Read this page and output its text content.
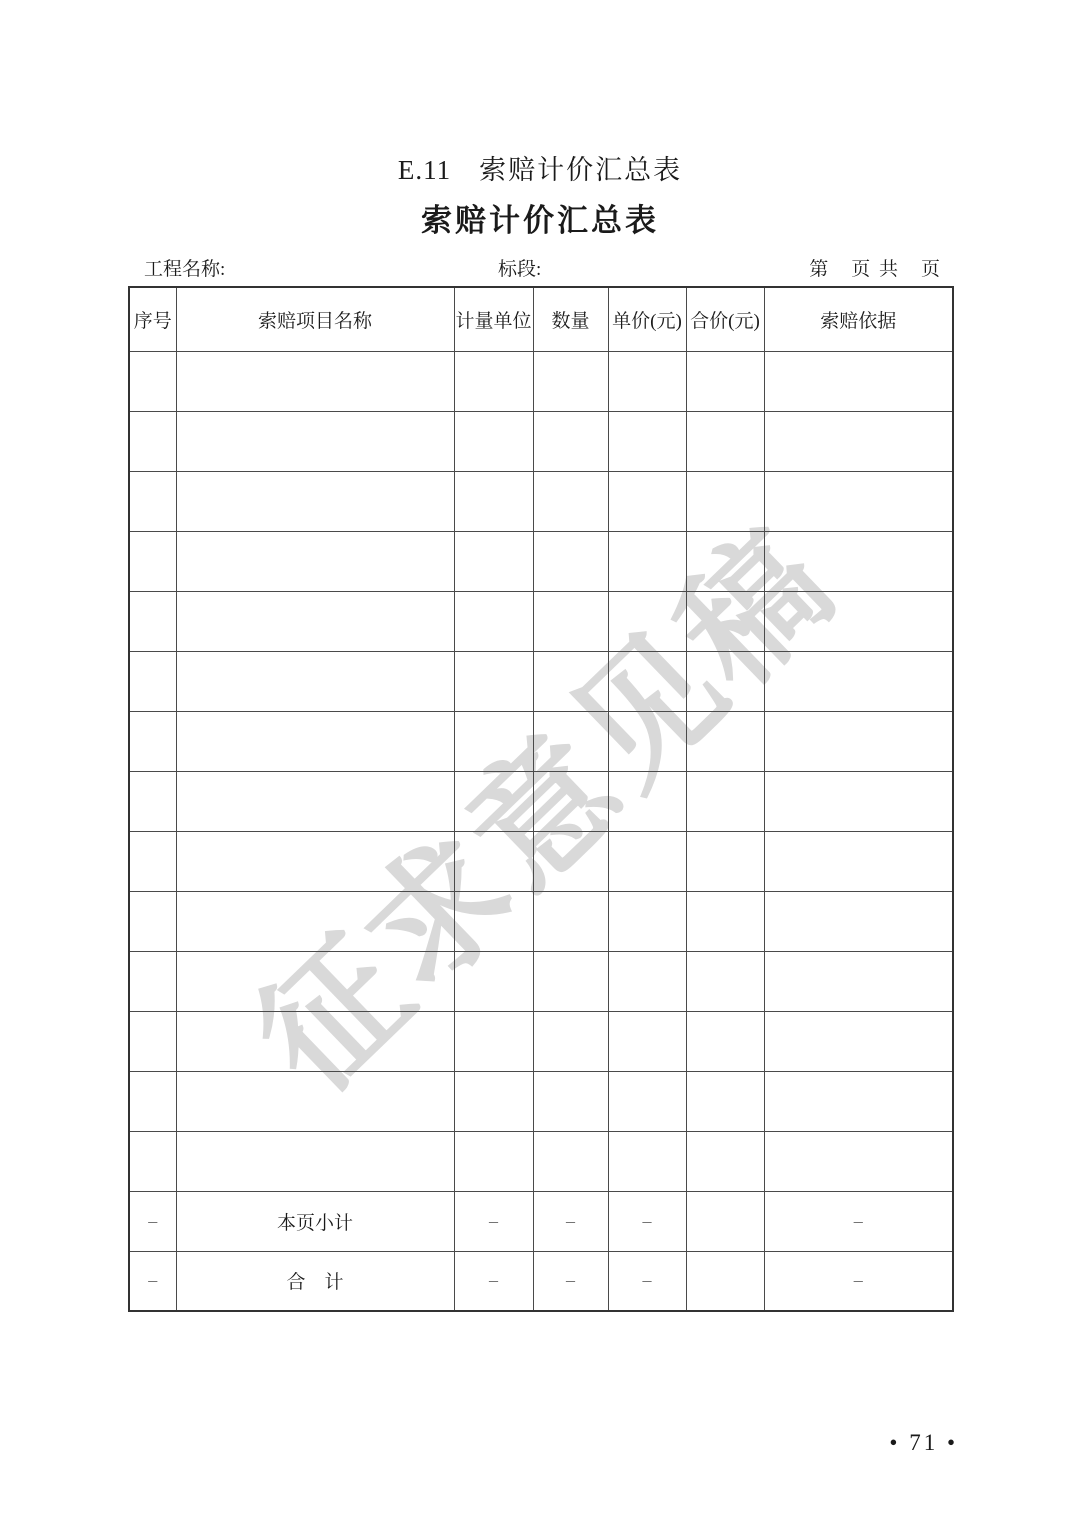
征求意见稿
E.11 索赔计价汇总表
索赔计价汇总表
工程名称:	标段:	第　页 共　页
序号	索赔项目名称	计量单位	数量	单价(元)	合价(元)	索赔依据

–	本页小计	–	–	–		–
–	合　计	–	–	–		–
• 71 •
